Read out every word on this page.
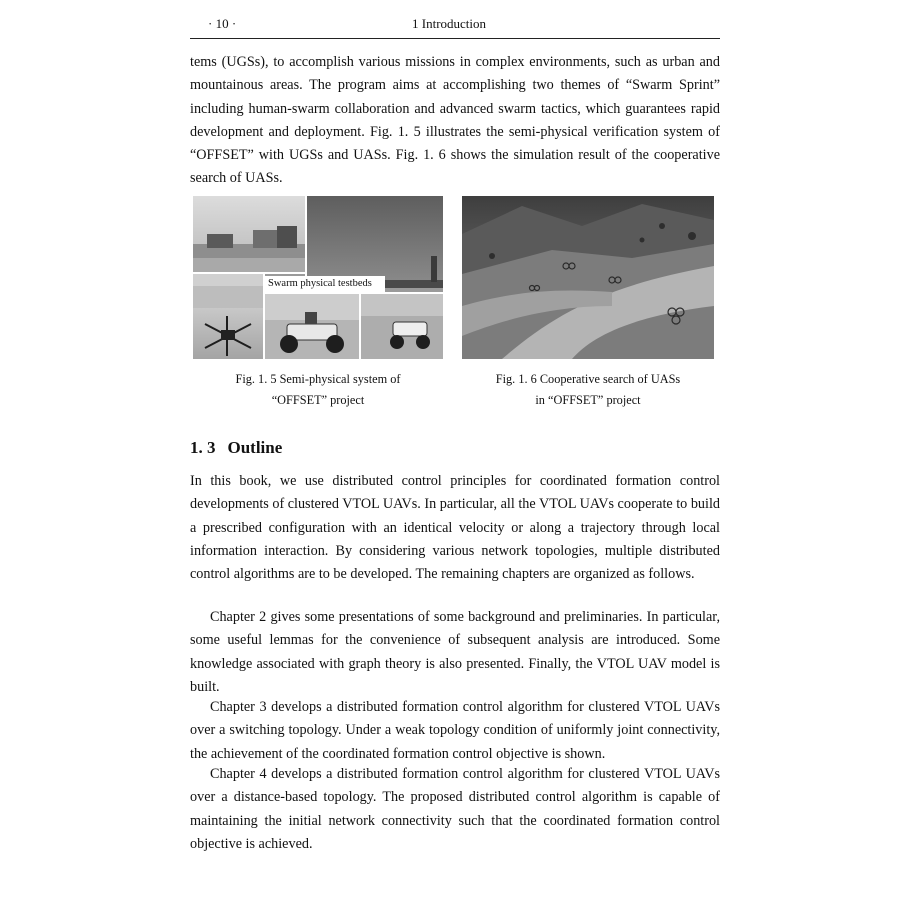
· 10 ·	1 Introduction

tems (UGSs), to accomplish various missions in complex environments, such as urban and mountainous areas. The program aims at accomplishing two themes of “Swarm Sprint” including human-swarm collaboration and advanced swarm tactics, which guarantees rapid development and deployment. Fig. 1. 5 illustrates the semi-physical verification system of “OFFSET” with UGSs and UASs. Fig. 1. 6 shows the simulation result of the cooperative search of UASs.

Swarm physical testbeds
Fig. 1. 5 Semi-physical system of
“OFFSET” project
Fig. 1. 6 Cooperative search of UASs
in “OFFSET” project
1. 3 Outline

In this book, we use distributed control principles for coordinated formation control developments of clustered VTOL UAVs. In particular, all the VTOL UAVs cooperate to build a prescribed configuration with an identical velocity or along a trajectory through local information interaction. By considering various network topologies, multiple distributed control algorithms are to be developed. The remaining chapters are organized as follows.

Chapter 2 gives some presentations of some background and preliminaries. In particular, some useful lemmas for the convenience of subsequent analysis are introduced. Some knowledge associated with graph theory is also presented. Finally, the VTOL UAV model is built.

Chapter 3 develops a distributed formation control algorithm for clustered VTOL UAVs over a switching topology. Under a weak topology condition of uniformly joint connectivity, the achievement of the coordinated formation control objective is shown.

Chapter 4 develops a distributed formation control algorithm for clustered VTOL UAVs over a distance-based topology. The proposed distributed control algorithm is capable of maintaining the initial network connectivity such that the coordinated formation control objective is achieved.
